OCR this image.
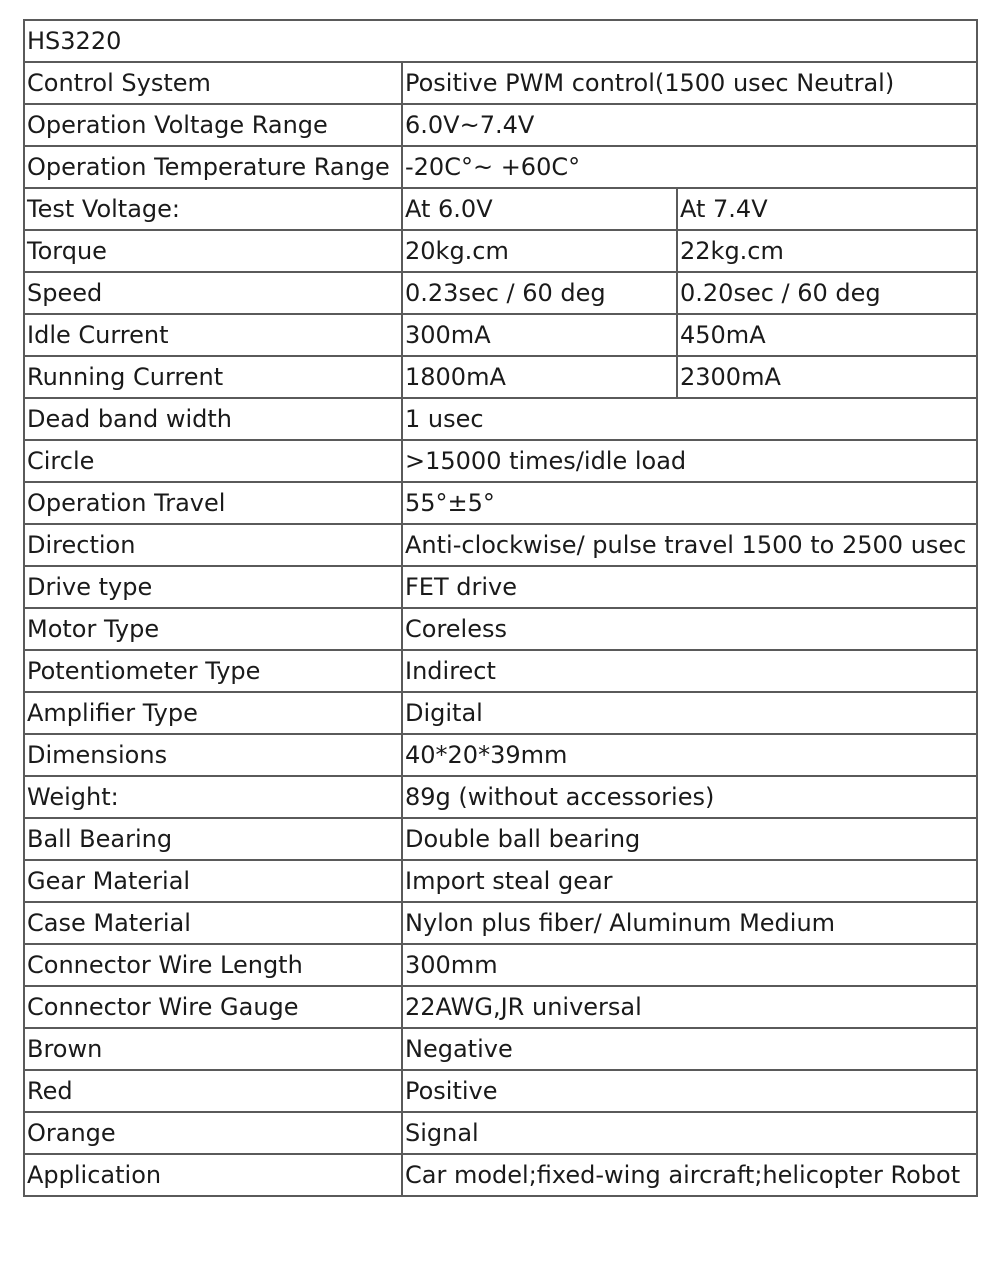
HS3220		
Control System	Positive PWM control(1500 usec Neutral)	
Operation Voltage Range	6.0V~7.4V	
Operation Temperature Range	-20C°~ +60C°	
Test Voltage:	At 6.0V	At 7.4V
Torque	20kg.cm	22kg.cm
Speed	0.23sec / 60 deg	0.20sec / 60 deg
Idle Current	300mA	450mA
Running Current	1800mA	2300mA
Dead band width	1 usec	
Circle	>15000 times/idle load	
Operation Travel	55°±5°	
Direction	Anti-clockwise/ pulse travel 1500 to 2500 usec	
Drive type	FET drive	
Motor Type	Coreless	
Potentiometer Type	Indirect	
Amplifier Type	Digital	
Dimensions	40*20*39mm	
Weight:	89g (without accessories)	
Ball Bearing	Double ball bearing	
Gear Material	Import steal gear	
Case Material	Nylon plus fiber/ Aluminum Medium	
Connector Wire Length	300mm	
Connector Wire Gauge	22AWG,JR universal	
Brown	Negative	
Red	Positive	
Orange	Signal	
Application	Car model;fixed-wing aircraft;helicopter Robot	
